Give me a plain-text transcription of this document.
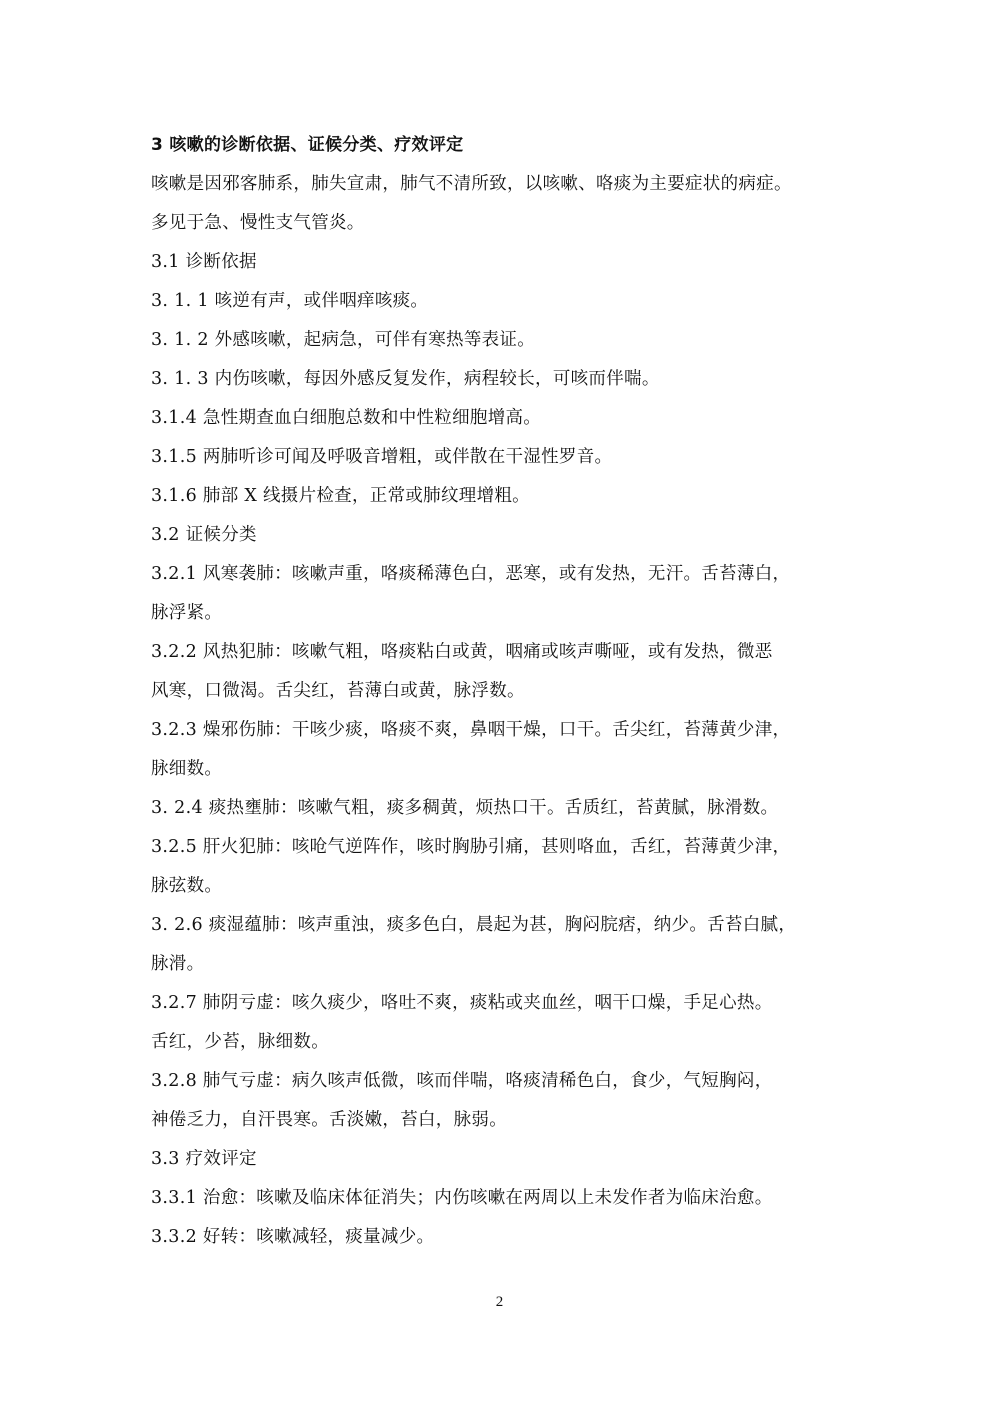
3 咳嗽的诊断依据、证候分类、疗效评定
咳嗽是因邪客肺系，肺失宣肃，肺气不清所致，以咳嗽、咯痰为主要症状的病症。
多见于急、慢性支气管炎。
3.1 诊断依据
3. 1. 1 咳逆有声，或伴咽痒咳痰。
3. 1. 2 外感咳嗽，起病急，可伴有寒热等表证。
3. 1. 3 内伤咳嗽，每因外感反复发作，病程较长，可咳而伴喘。
3.1.4 急性期查血白细胞总数和中性粒细胞增高。
3.1.5 两肺听诊可闻及呼吸音增粗，或伴散在干湿性罗音。
3.1.6 肺部 X 线摄片检查，正常或肺纹理增粗。
3.2 证候分类
3.2.1 风寒袭肺：咳嗽声重，咯痰稀薄色白，恶寒，或有发热，无汗。舌苔薄白，
脉浮紧。
3.2.2 风热犯肺：咳嗽气粗，咯痰粘白或黄，咽痛或咳声嘶哑，或有发热，微恶
风寒，口微渴。舌尖红，苔薄白或黄，脉浮数。
3.2.3 燥邪伤肺：干咳少痰，咯痰不爽，鼻咽干燥，口干。舌尖红，苔薄黄少津，
脉细数。
3. 2.4 痰热壅肺：咳嗽气粗，痰多稠黄，烦热口干。舌质红，苔黄腻，脉滑数。
3.2.5 肝火犯肺：咳呛气逆阵作，咳时胸胁引痛，甚则咯血，舌红，苔薄黄少津，
脉弦数。
3. 2.6 痰湿蕴肺：咳声重浊，痰多色白，晨起为甚，胸闷脘痞，纳少。舌苔白腻，
脉滑。
3.2.7 肺阴亏虚：咳久痰少，咯吐不爽，痰粘或夹血丝，咽干口燥，手足心热。
舌红，少苔，脉细数。
3.2.8 肺气亏虚：病久咳声低微，咳而伴喘，咯痰清稀色白，食少，气短胸闷，
神倦乏力，自汗畏寒。舌淡嫩，苔白，脉弱。
3.3 疗效评定
3.3.1 治愈：咳嗽及临床体征消失；内伤咳嗽在两周以上未发作者为临床治愈。
3.3.2 好转：咳嗽减轻，痰量减少。
2
